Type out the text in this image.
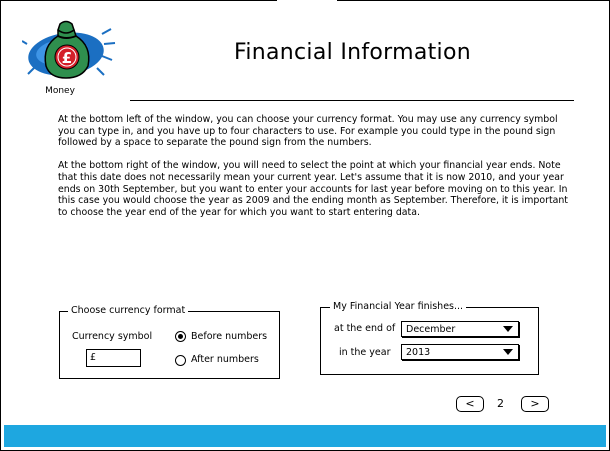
£
Money
Financial Information

At the bottom left of the window, you can choose your currency format. You may use any currency symbol you can type in, and you have up to four characters to use. For example you could type in the pound sign followed by a space to separate the pound sign from the numbers.

At the bottom right of the window, you will need to select the point at which your financial year ends. Note that this date does not necessarily mean your current year. Let's assume that it is now 2010, and your year ends on 30th September, but you want to enter your accounts for last year before moving on to this year. In this case you would choose the year as 2009 and the ending month as September. Therefore, it is important to choose the year end of the year for which you want to start entering data.

Choose currency format
Currency symbol
£
Before numbers
After numbers
My Financial Year finishes...
at the end of	December
in the year	2013
<	2	>
